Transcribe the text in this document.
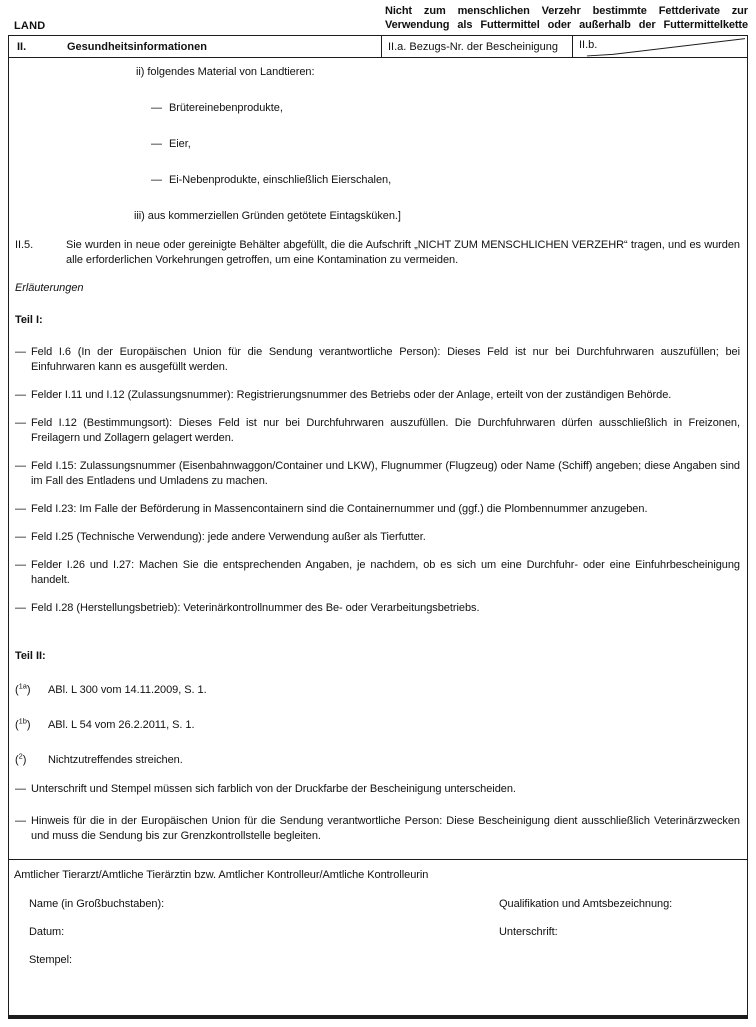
LAND
Nicht zum menschlichen Verzehr bestimmte Fettderivate zur Verwendung als Futtermittel oder außerhalb der Futtermittelkette
II.	Gesundheitsinformationen	II.a. Bezugs-Nr. der Bescheinigung	II.b.
ii) folgendes Material von Landtieren:
— Brütereinebenprodukte,
— Eier,
— Ei-Nebenprodukte, einschließlich Eierschalen,
iii) aus kommerziellen Gründen getötete Eintagsküken.]
II.5.	Sie wurden in neue oder gereinigte Behälter abgefüllt, die die Aufschrift „NICHT ZUM MENSCHLICHEN VERZEHR“ tragen, und es wurden alle erforderlichen Vorkehrungen getroffen, um eine Kontamination zu vermeiden.
Erläuterungen
Teil I:
— Feld I.6 (In der Europäischen Union für die Sendung verantwortliche Person): Dieses Feld ist nur bei Durchfuhrwaren auszufüllen; bei Einfuhrwaren kann es ausgefüllt werden.
— Felder I.11 und I.12 (Zulassungsnummer): Registrierungsnummer des Betriebs oder der Anlage, erteilt von der zuständigen Behörde.
— Feld I.12 (Bestimmungsort): Dieses Feld ist nur bei Durchfuhrwaren auszufüllen. Die Durchfuhrwaren dürfen ausschließlich in Freizonen, Freilagern und Zollagern gelagert werden.
— Feld I.15: Zulassungsnummer (Eisenbahnwaggon/Container und LKW), Flugnummer (Flugzeug) oder Name (Schiff) angeben; diese Angaben sind im Fall des Entladens und Umladens zu machen.
— Feld I.23: Im Falle der Beförderung in Massencontainern sind die Containernummer und (ggf.) die Plombennummer anzugeben.
— Feld I.25 (Technische Verwendung): jede andere Verwendung außer als Tierfutter.
— Felder I.26 und I.27: Machen Sie die entsprechenden Angaben, je nachdem, ob es sich um eine Durchfuhr- oder eine Einfuhrbescheinigung handelt.
— Feld I.28 (Herstellungsbetrieb): Veterinärkontrollnummer des Be- oder Verarbeitungsbetriebs.
Teil II:
($^{1a}$)	ABl. L 300 vom 14.11.2009, S. 1.
($^{1b}$)	ABl. L 54 vom 26.2.2011, S. 1.
($^2$)	Nichtzutreffendes streichen.
— Unterschrift und Stempel müssen sich farblich von der Druckfarbe der Bescheinigung unterscheiden.
— Hinweis für die in der Europäischen Union für die Sendung verantwortliche Person: Diese Bescheinigung dient ausschließlich Veterinärzwecken und muss die Sendung bis zur Grenzkontrollstelle begleiten.
Amtlicher Tierarzt/Amtliche Tierärztin bzw. Amtlicher Kontrolleur/Amtliche Kontrolleurin
Name (in Großbuchstaben):	Qualifikation und Amtsbezeichnung:
Datum:	Unterschrift:
Stempel:
